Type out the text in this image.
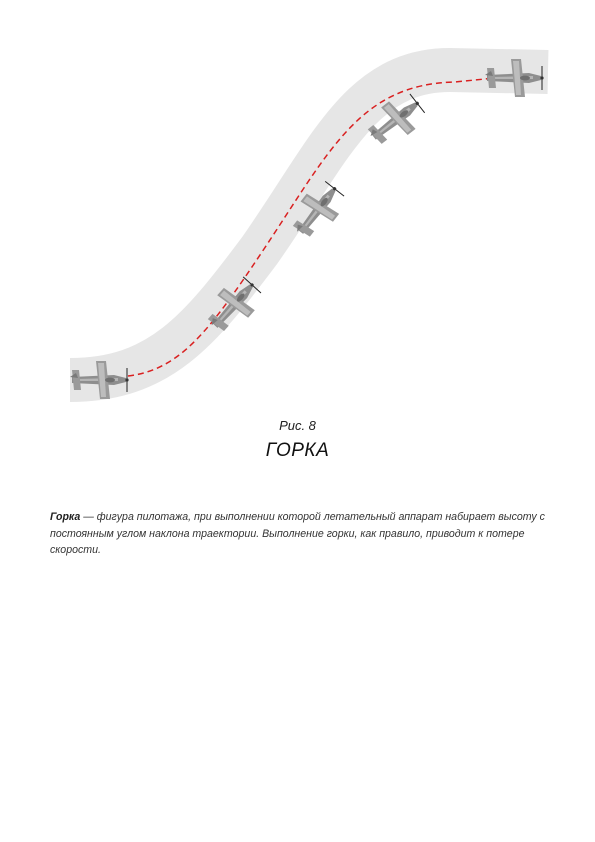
Рис. 8
ГОРКА

Горка — фигура пилотажа, при выполнении которой летательный аппарат набирает высоту с постоянным углом наклона траектории. Выполнение горки, как правило, приводит к потере скорости.
